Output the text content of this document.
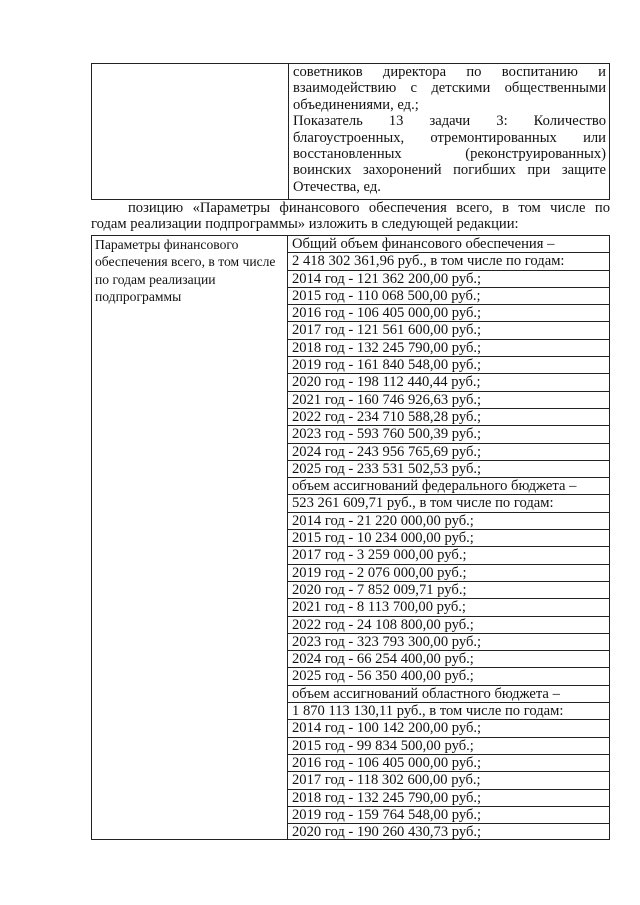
советников директора по воспитанию и
взаимодействию с детскими общественными
объединениями, ед.;
Показатель 13 задачи 3: Количество
благоустроенных, отремонтированных или
восстановленных (реконструированных)
воинских захоронений погибших при защите
Отечества, ед.
позицию «Параметры финансового обеспечения всего, в том числе по
годам реализации подпрограммы» изложить в следующей редакции:
Параметры финансового обеспечения всего, в том числе по годам реализации подпрограммы
Общий объем финансового обеспечения –
2 418 302 361,96 руб., в том числе по годам:
2014 год - 121 362 200,00 руб.;
2015 год - 110 068 500,00 руб.;
2016 год - 106 405 000,00 руб.;
2017 год - 121 561 600,00 руб.;
2018 год - 132 245 790,00 руб.;
2019 год - 161 840 548,00 руб.;
2020 год - 198 112 440,44 руб.;
2021 год - 160 746 926,63 руб.;
2022 год - 234 710 588,28 руб.;
2023 год - 593 760 500,39 руб.;
2024 год - 243 956 765,69 руб.;
2025 год - 233 531 502,53 руб.;
объем ассигнований федерального бюджета –
523 261 609,71 руб., в том числе по годам:
2014 год - 21 220 000,00 руб.;
2015 год - 10 234 000,00 руб.;
2017 год - 3 259 000,00 руб.;
2019 год - 2 076 000,00 руб.;
2020 год - 7 852 009,71 руб.;
2021 год - 8 113 700,00 руб.;
2022 год - 24 108 800,00 руб.;
2023 год - 323 793 300,00 руб.;
2024 год - 66 254 400,00 руб.;
2025 год - 56 350 400,00 руб.;
объем ассигнований областного бюджета –
1 870 113 130,11 руб., в том числе по годам:
2014 год - 100 142 200,00 руб.;
2015 год - 99 834 500,00 руб.;
2016 год - 106 405 000,00 руб.;
2017 год - 118 302 600,00 руб.;
2018 год - 132 245 790,00 руб.;
2019 год - 159 764 548,00 руб.;
2020 год - 190 260 430,73 руб.;
